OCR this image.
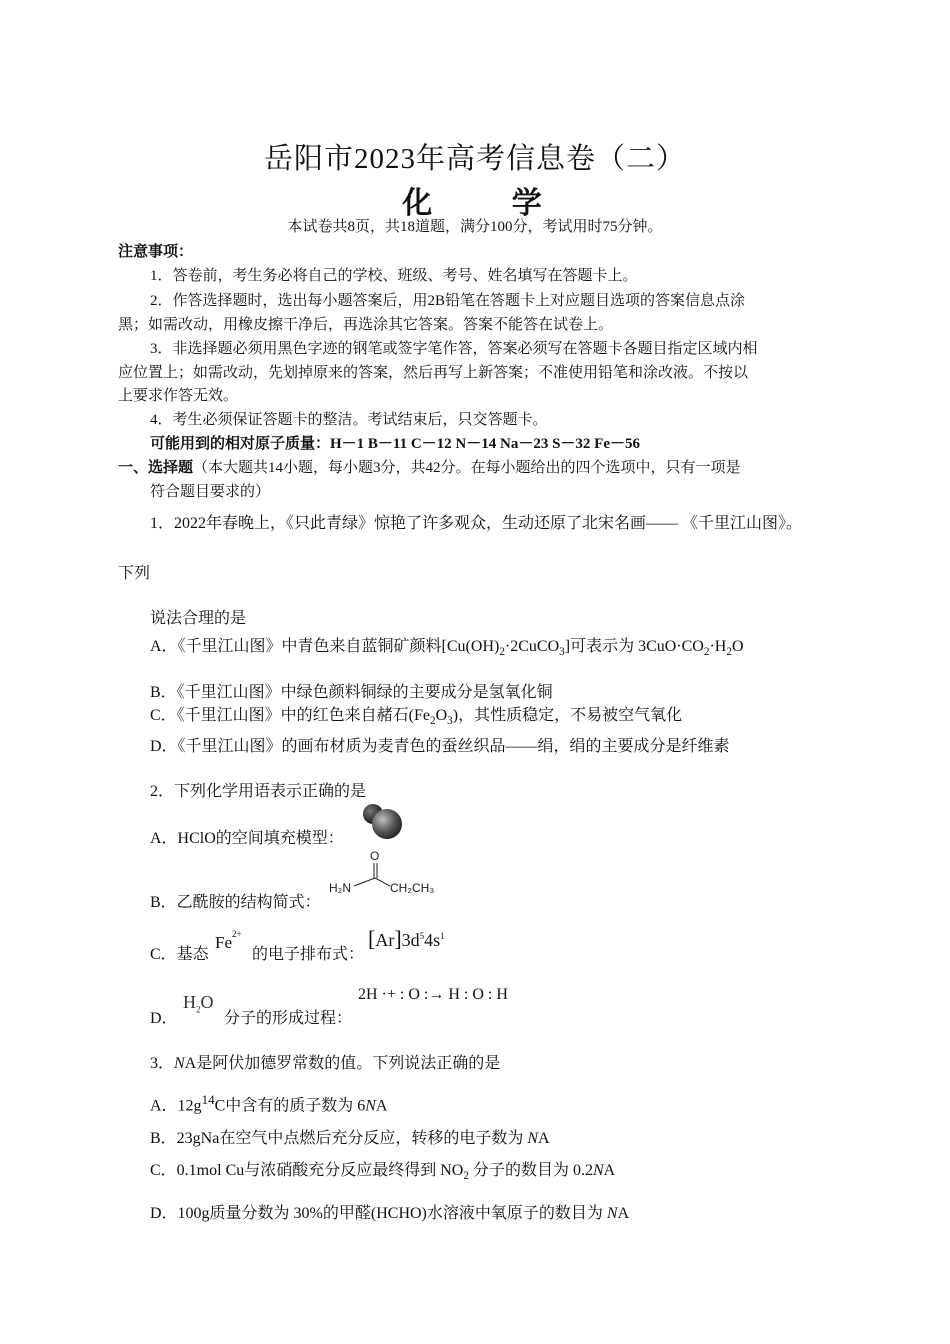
岳阳市2023年高考信息卷（二）
化 学
本试卷共8页，共18道题，满分100分，考试用时75分钟。
注意事项：
1．答卷前，考生务必将自己的学校、班级、考号、姓名填写在答题卡上。
2．作答选择题时，选出每小题答案后，用2B铅笔在答题卡上对应题目选项的答案信息点涂
黑；如需改动，用橡皮擦干净后，再选涂其它答案。答案不能答在试卷上。
3．非选择题必须用黑色字迹的钢笔或签字笔作答，答案必须写在答题卡各题目指定区域内相
应位置上；如需改动，先划掉原来的答案，然后再写上新答案；不准使用铅笔和涂改液。不按以
上要求作答无效。
4．考生必须保证答题卡的整洁。考试结束后，只交答题卡。
可能用到的相对原子质量：H－1 B－11 C－12 N－14 Na－23 S－32 Fe－56
一、选择题（本大题共14小题，每小题3分，共42分。在每小题给出的四个选项中，只有一项是
符合题目要求的）
1．2022年春晚上，《只此青绿》惊艳了许多观众，生动还原了北宋名画—— 《千里江山图》。
下列
说法合理的是
A．《千里江山图》中青色来自蓝铜矿颜料$[Cu(OH)_2\cdot 2CuCO_3]$可表示为 $3CuO\cdot CO_2\cdot H_2O$
B．《千里江山图》中绿色颜料铜绿的主要成分是氢氧化铜
C．《千里江山图》中的红色来自赭石$(Fe_2O_3)$，其性质稳定，不易被空气氧化
D．《千里江山图》的画布材质为麦青色的蚕丝织品——绢，绢的主要成分是纤维素
2．下列化学用语表示正确的是
A．HClO的空间填充模型：
B．乙酰胺的结构简式：
O
H₂N	CH₂CH₃
C．基态
$Fe^{2+}$
的电子排布式：
$[Ar]3d^54s^1$
D．
$H_2O$
分子的形成过程：
2H ·+ : O :→ H : O : H
3．NA是阿伏加德罗常数的值。下列说法正确的是
A．$12g^{14}C$中含有的质子数为 6NA
B．23gNa在空气中点燃后充分反应，转移的电子数为 NA
C．0.1mol Cu与浓硝酸充分反应最终得到 $NO_2$ 分子的数目为 0.2NA
D．100g质量分数为 30%的甲醛(HCHO)水溶液中氧原子的数目为 NA
